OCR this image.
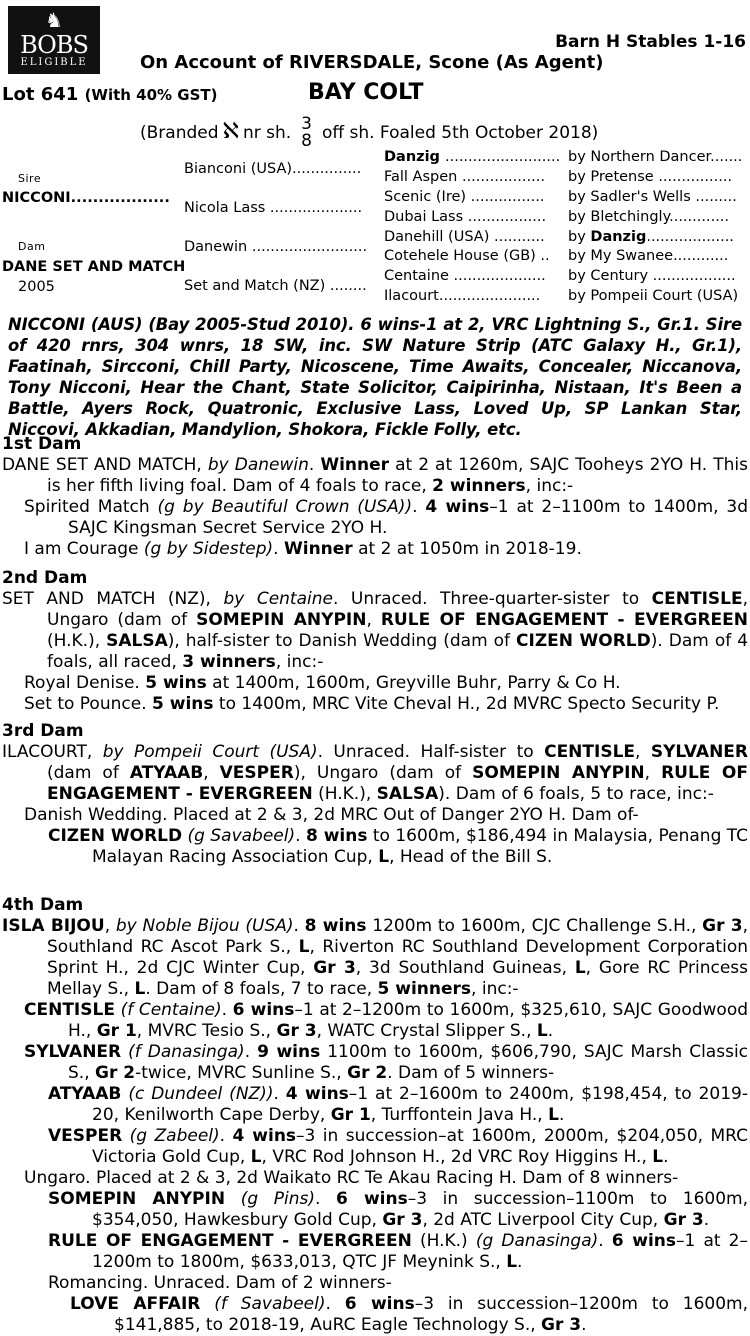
♞
BOBS
ELIGIBLE
Barn H Stables 1-16
On Account of RIVERSDALE, Scone (As Agent)
Lot 641 (With 40% GST)	BAY COLT
(Branded ℵ nr sh. 3
8 off sh. Foaled 5th October 2018)
Sire
NICCONI..................
Dam
DANE SET AND MATCH
2005
Bianconi (USA)...............
Nicola Lass ....................
Danewin .........................
Set and Match (NZ) ........
Danzig .........................
Fall Aspen ..................
Scenic (Ire) ................
Dubai Lass .................
Danehill (USA) ...........
Cotehele House (GB) ..
Centaine ....................
Ilacourt......................
by Northern Dancer.......
by Pretense ................
by Sadler's Wells .........
by Bletchingly.............
by Danzig...................
by My Swanee............
by Century ..................
by Pompeii Court (USA)
NICCONI (AUS) (Bay 2005-Stud 2010). 6 wins-1 at 2, VRC Lightning S., Gr.1. Sire of 420 rnrs, 304 wnrs, 18 SW, inc. SW Nature Strip (ATC Galaxy H., Gr.1), Faatinah, Sircconi, Chill Party, Nicoscene, Time Awaits, Concealer, Niccanova, Tony Nicconi, Hear the Chant, State Solicitor, Caipirinha, Nistaan, It's Been a Battle, Ayers Rock, Quatronic, Exclusive Lass, Loved Up, SP Lankan Star, Niccovi, Akkadian, Mandylion, Shokora, Fickle Folly, etc.
1st Dam
DANE SET AND MATCH, by Danewin. Winner at 2 at 1260m, SAJC Tooheys 2YO H. This is her fifth living foal. Dam of 4 foals to race, 2 winners, inc:-
Spirited Match (g by Beautiful Crown (USA)). 4 wins–1 at 2–1100m to 1400m, 3d SAJC Kingsman Secret Service 2YO H.
I am Courage (g by Sidestep). Winner at 2 at 1050m in 2018-19.
2nd Dam
SET AND MATCH (NZ), by Centaine. Unraced. Three-quarter-sister to CENTISLE, Ungaro (dam of SOMEPIN ANYPIN, RULE OF ENGAGEMENT - EVERGREEN (H.K.), SALSA), half-sister to Danish Wedding (dam of CIZEN WORLD). Dam of 4 foals, all raced, 3 winners, inc:-
Royal Denise. 5 wins at 1400m, 1600m, Greyville Buhr, Parry & Co H.
Set to Pounce. 5 wins to 1400m, MRC Vite Cheval H., 2d MVRC Specto Security P.
3rd Dam
ILACOURT, by Pompeii Court (USA). Unraced. Half-sister to CENTISLE, SYLVANER (dam of ATYAAB, VESPER), Ungaro (dam of SOMEPIN ANYPIN, RULE OF ENGAGEMENT - EVERGREEN (H.K.), SALSA). Dam of 6 foals, 5 to race, inc:-
Danish Wedding. Placed at 2 & 3, 2d MRC Out of Danger 2YO H. Dam of-
CIZEN WORLD (g Savabeel). 8 wins to 1600m, $186,494 in Malaysia, Penang TC Malayan Racing Association Cup, L, Head of the Bill S.
4th Dam
ISLA BIJOU, by Noble Bijou (USA). 8 wins 1200m to 1600m, CJC Challenge S.H., Gr 3, Southland RC Ascot Park S., L, Riverton RC Southland Development Corporation Sprint H., 2d CJC Winter Cup, Gr 3, 3d Southland Guineas, L, Gore RC Princess Mellay S., L. Dam of 8 foals, 7 to race, 5 winners, inc:-
CENTISLE (f Centaine). 6 wins–1 at 2–1200m to 1600m, $325,610, SAJC Goodwood H., Gr 1, MVRC Tesio S., Gr 3, WATC Crystal Slipper S., L.
SYLVANER (f Danasinga). 9 wins 1100m to 1600m, $606,790, SAJC Marsh Classic S., Gr 2-twice, MVRC Sunline S., Gr 2. Dam of 5 winners-
ATYAAB (c Dundeel (NZ)). 4 wins–1 at 2–1600m to 2400m, $198,454, to 2019-20, Kenilworth Cape Derby, Gr 1, Turffontein Java H., L.
VESPER (g Zabeel). 4 wins–3 in succession–at 1600m, 2000m, $204,050, MRC Victoria Gold Cup, L, VRC Rod Johnson H., 2d VRC Roy Higgins H., L.
Ungaro. Placed at 2 & 3, 2d Waikato RC Te Akau Racing H. Dam of 8 winners-
SOMEPIN ANYPIN (g Pins). 6 wins–3 in succession–1100m to 1600m, $354,050, Hawkesbury Gold Cup, Gr 3, 2d ATC Liverpool City Cup, Gr 3.
RULE OF ENGAGEMENT - EVERGREEN (H.K.) (g Danasinga). 6 wins–1 at 2–1200m to 1800m, $633,013, QTC JF Meynink S., L.
Romancing. Unraced. Dam of 2 winners-
LOVE AFFAIR (f Savabeel). 6 wins–3 in succession–1200m to 1600m, $141,885, to 2018-19, AuRC Eagle Technology S., Gr 3.
